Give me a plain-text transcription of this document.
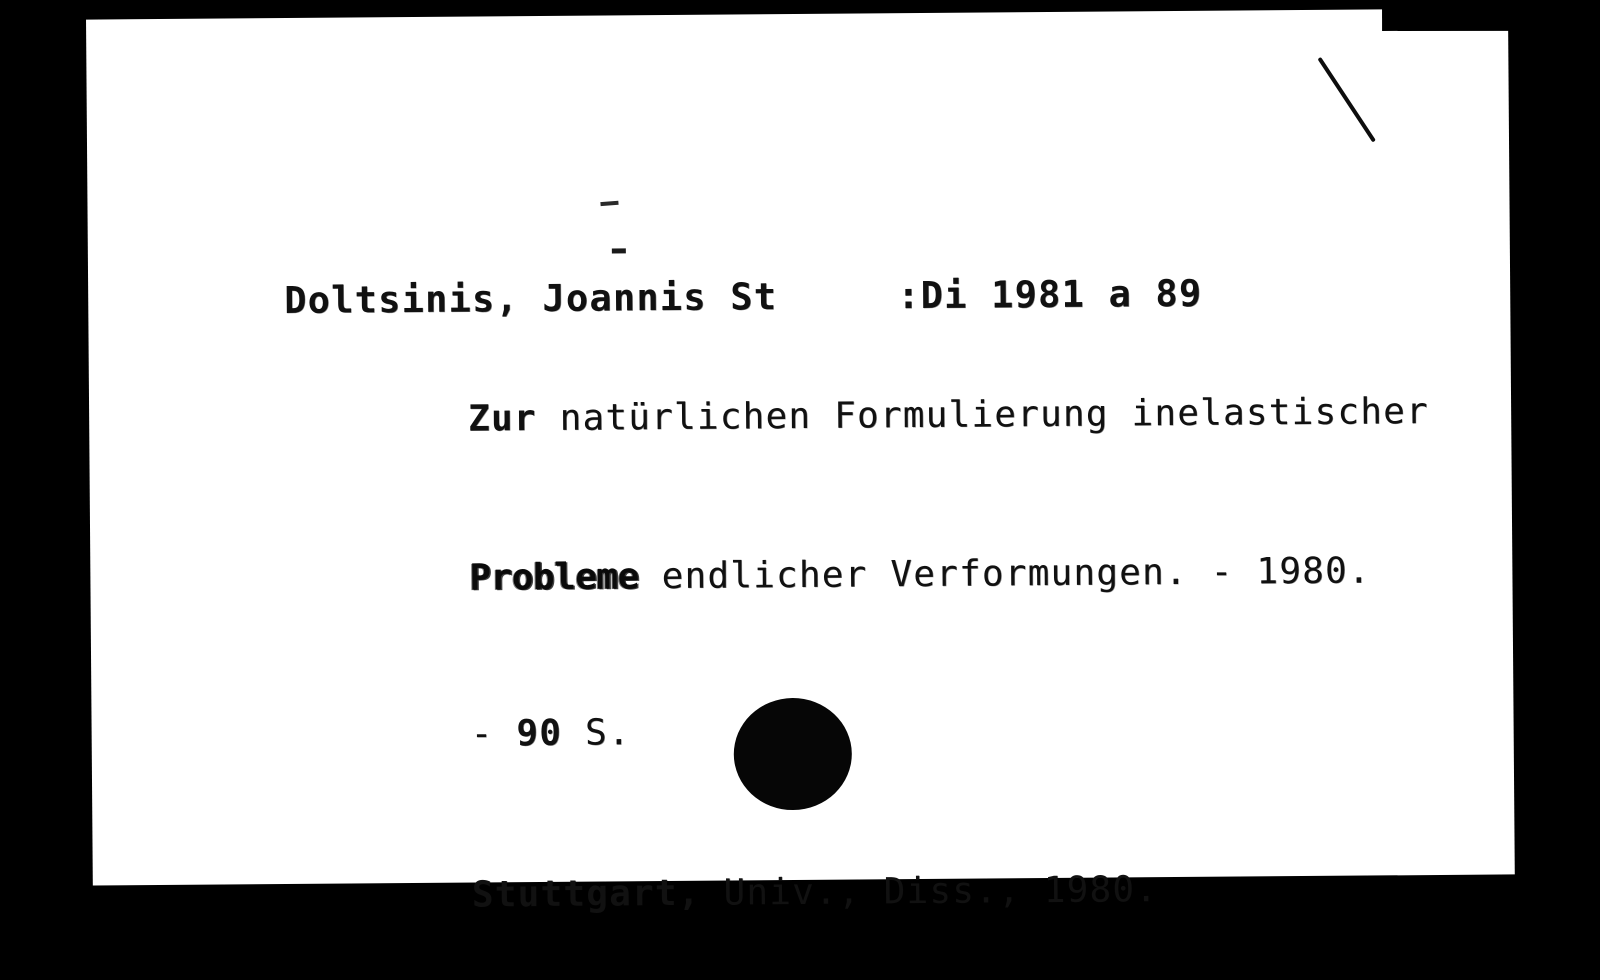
Doltsinis, Joannis St	:Di 1981 a 89

Zur natürlichen Formulierung inelastischer

Probleme endlicher Verformungen. - 1980.

- 90 S.

Stuttgart, Univ., Diss., 1980.
